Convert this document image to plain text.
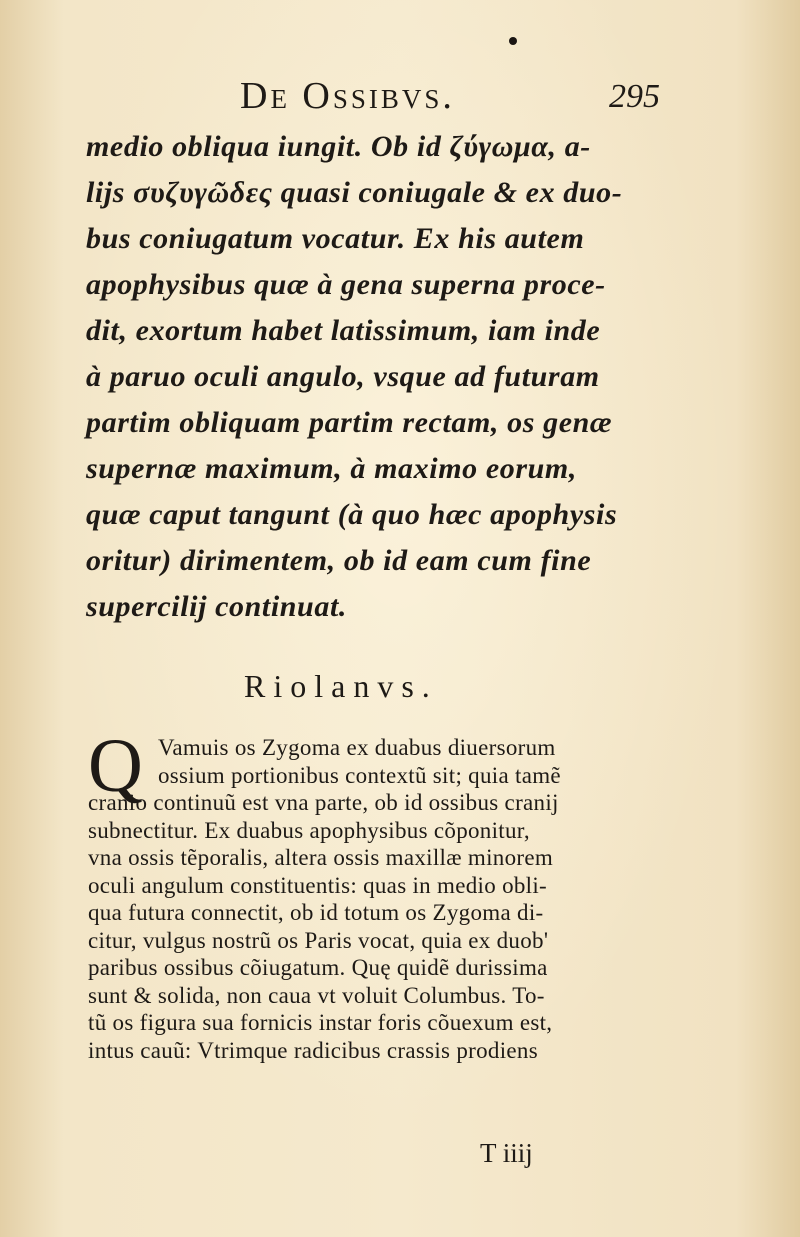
De Ossibvs.	295
medio obliqua iungit. Ob id ζύγωμα, a-
lijs συζυγῶδες quasi coniugale & ex duo-
bus coniugatum vocatur. Ex his autem
apophysibus quæ à gena superna proce-
dit, exortum habet latissimum, iam inde
à paruo oculi angulo, vsque ad futuram
partim obliquam partim rectam, os genæ
supernæ maximum, à maximo eorum,
quæ caput tangunt (à quo hæc apophysis
oritur) dirimentem, ob id eam cum fine
supercilij continuat.
Riolanvs.
Q Vamuis os Zygoma ex duabus diuersorum
ossium portionibus contextũ sit; quia tamẽ
cranio continuũ est vna parte, ob id ossibus cranij
subnectitur. Ex duabus apophysibus cõponitur,
vna ossis tẽporalis, altera ossis maxillæ minorem
oculi angulum constituentis: quas in medio obli-
qua futura connectit, ob id totum os Zygoma di-
citur, vulgus nostrũ os Paris vocat, quia ex duob'
paribus ossibus cõiugatum. Quę quidẽ durissima
sunt & solida, non caua vt voluit Columbus. To-
tũ os figura sua fornicis instar foris cõuexum est,
intus cauũ: Vtrimque radicibus crassis prodiens
T iiij
